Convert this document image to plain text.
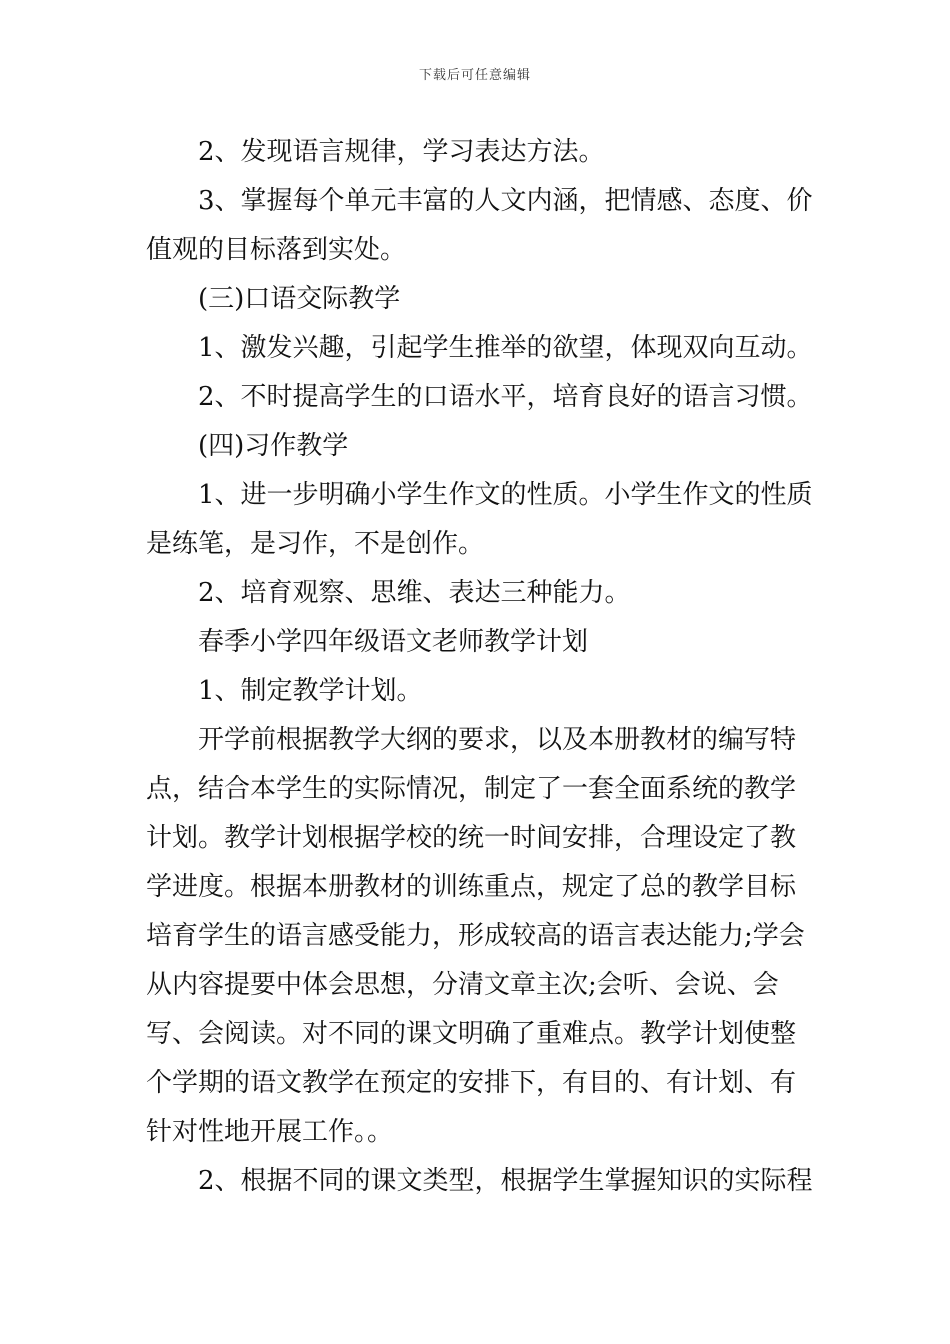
下载后可任意编辑

2、发现语言规律，学习表达方法。

3、掌握每个单元丰富的人文内涵，把情感、态度、价值观的目标落到实处。

(三)口语交际教学

1、激发兴趣，引起学生推举的欲望，体现双向互动。

2、不时提高学生的口语水平，培育良好的语言习惯。

(四)习作教学

1、进一步明确小学生作文的性质。小学生作文的性质是练笔，是习作，不是创作。

2、培育观察、思维、表达三种能力。

春季小学四年级语文老师教学计划

1、制定教学计划。

开学前根据教学大纲的要求，以及本册教材的编写特点，结合本学生的实际情况，制定了一套全面系统的教学计划。教学计划根据学校的统一时间安排，合理设定了教学进度。根据本册教材的训练重点，规定了总的教学目标培育学生的语言感受能力，形成较高的语言表达能力;学会从内容提要中体会思想，分清文章主次;会听、会说、会写、会阅读。对不同的课文明确了重难点。教学计划使整个学期的语文教学在预定的安排下，有目的、有计划、有针对性地开展工作。。

2、根据不同的课文类型，根据学生掌握知识的实际程
